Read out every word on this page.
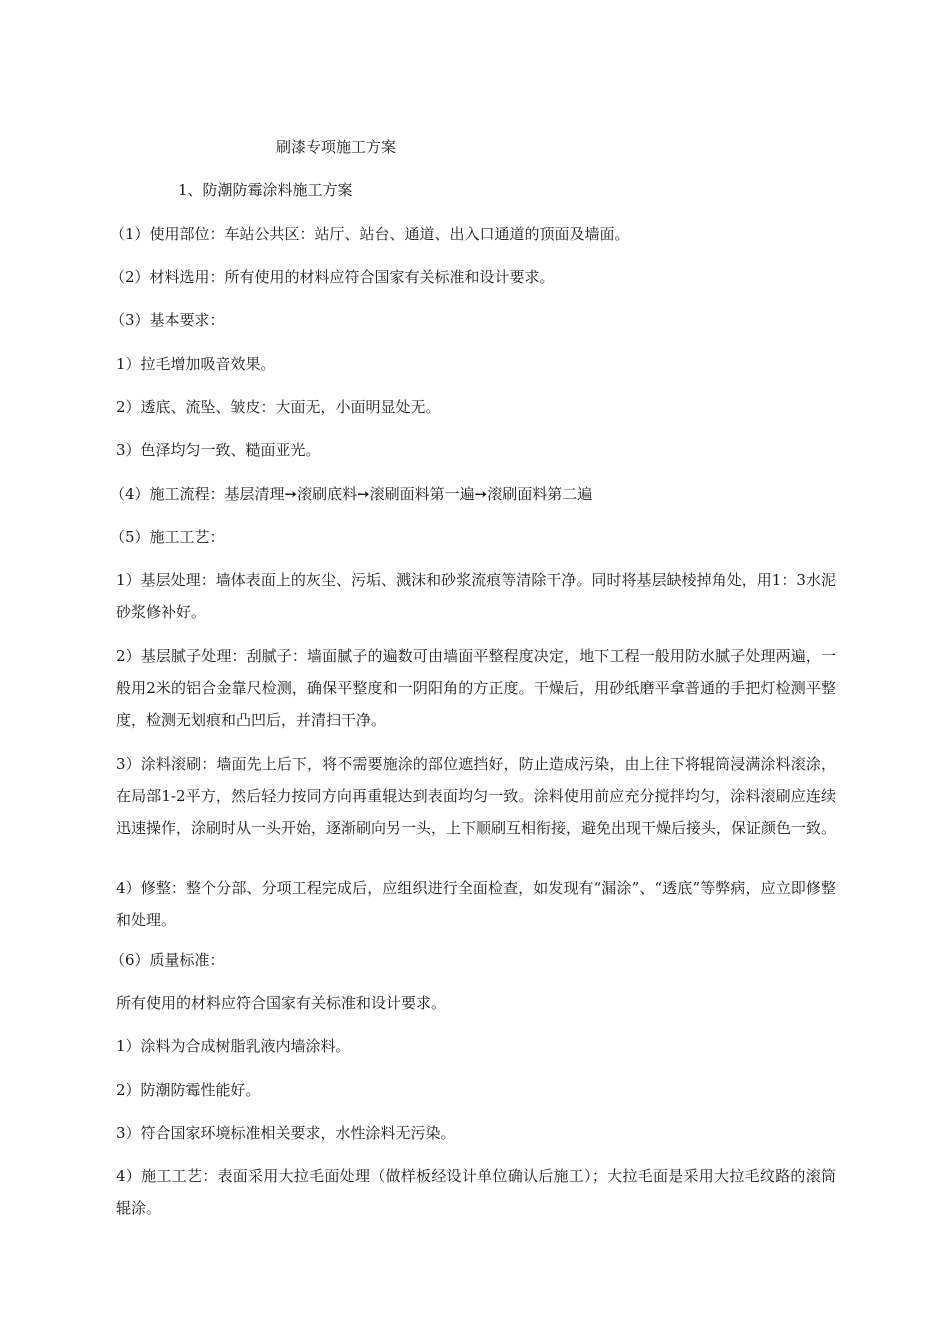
刷漆专项施工方案
1、防潮防霉涂料施工方案
（1）使用部位：车站公共区：站厅、站台、通道、出入口通道的顶面及墙面。
（2）材料选用：所有使用的材料应符合国家有关标准和设计要求。
（3）基本要求：
1）拉毛增加吸音效果。
2）透底、流坠、皱皮：大面无，小面明显处无。
3）色泽均匀一致、糙面亚光。
（4）施工流程：基层清理➙滚刷底料➙滚刷面料第一遍➙滚刷面料第二遍
（5）施工工艺：
1）基层处理：墙体表面上的灰尘、污垢、溅沫和砂浆流痕等清除干净。同时将基层缺棱掉角处，用1：3水泥砂浆修补好。
2）基层腻子处理：刮腻子：墙面腻子的遍数可由墙面平整程度决定，地下工程一般用防水腻子处理两遍，一般用2米的铝合金靠尺检测，确保平整度和一阴阳角的方正度。干燥后，用砂纸磨平拿普通的手把灯检测平整度，检测无划痕和凸凹后，并清扫干净。
3）涂料滚刷：墙面先上后下，将不需要施涂的部位遮挡好，防止造成污染，由上往下将辊筒浸满涂料滚涂，在局部1-2平方，然后轻力按同方向再重辊达到表面均匀一致。涂料使用前应充分搅拌均匀，涂料滚刷应连续迅速操作，涂刷时从一头开始，逐渐刷向另一头，上下顺刷互相衔接，避免出现干燥后接头，保证颜色一致。
4）修整：整个分部、分项工程完成后，应组织进行全面检查，如发现有“漏涂”、“透底”等弊病，应立即修整和处理。
（6）质量标准：
所有使用的材料应符合国家有关标准和设计要求。
1）涂料为合成树脂乳液内墙涂料。
2）防潮防霉性能好。
3）符合国家环境标准相关要求，水性涂料无污染。
4）施工工艺：表面采用大拉毛面处理（做样板经设计单位确认后施工）；大拉毛面是采用大拉毛纹路的滚筒辊涂。
